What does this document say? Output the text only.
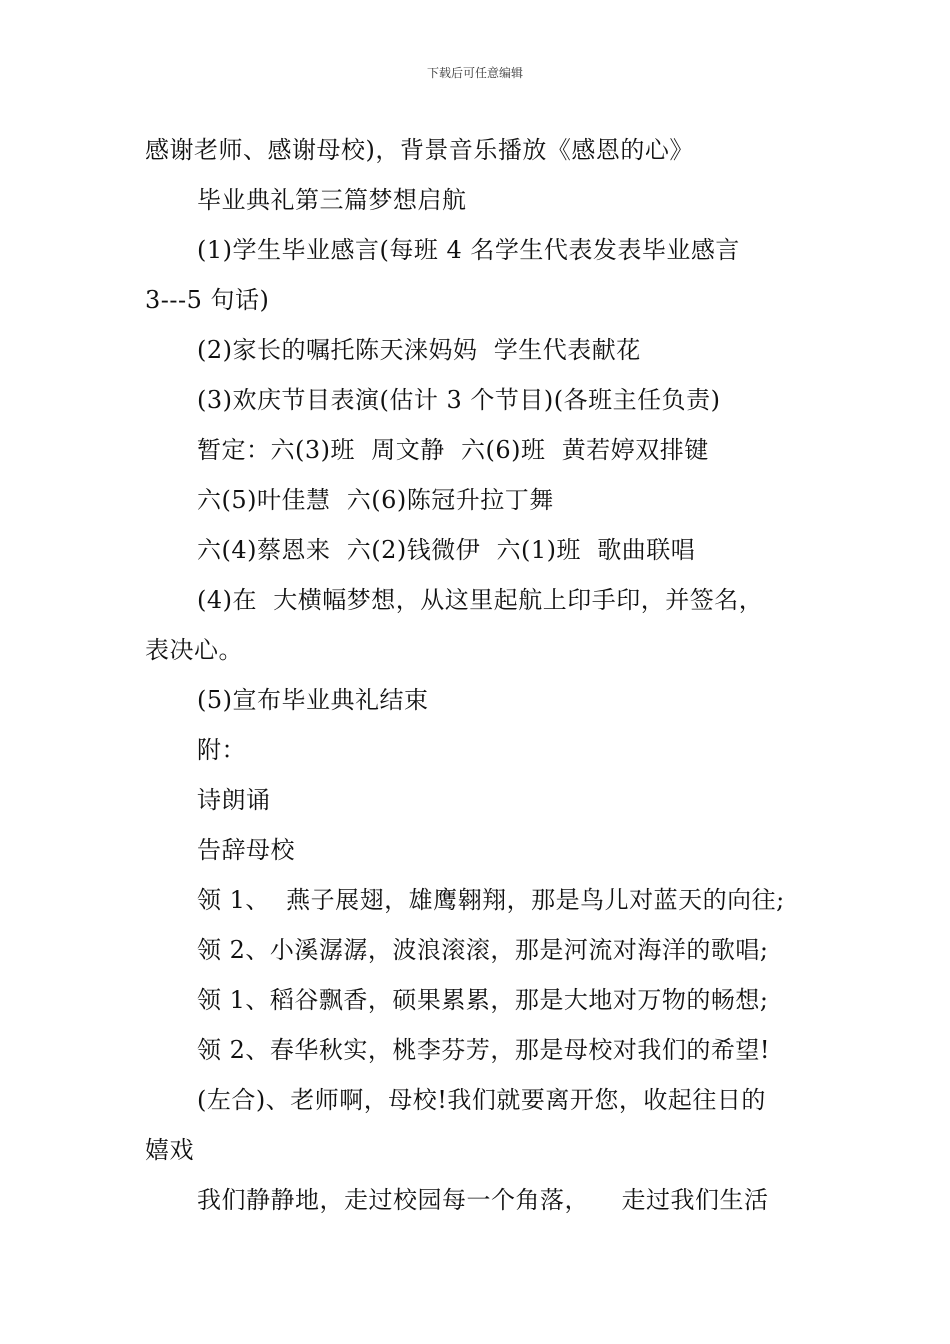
下载后可任意编辑
感谢老师、感谢母校)，背景音乐播放《感恩的心》
毕业典礼第三篇梦想启航
(1)学生毕业感言(每班 4 名学生代表发表毕业感言
3---5 句话)
(2)家长的嘱托陈天涞妈妈  学生代表献花
(3)欢庆节目表演(估计 3 个节目)(各班主任负责)
暂定：六(3)班  周文静  六(6)班  黄若婷双排键
六(5)叶佳慧  六(6)陈冠升拉丁舞
六(4)蔡恩来  六(2)钱微伊  六(1)班  歌曲联唱
(4)在  大横幅梦想，从这里起航上印手印，并签名，
表决心。
(5)宣布毕业典礼结束
附：
诗朗诵
告辞母校
领 1、  燕子展翅，雄鹰翱翔，那是鸟儿对蓝天的向往;
领 2、小溪潺潺，波浪滚滚，那是河流对海洋的歌唱;
领 1、稻谷飘香，硕果累累，那是大地对万物的畅想;
领 2、春华秋实，桃李芬芳，那是母校对我们的希望!
(左合)、老师啊，母校!我们就要离开您，收起往日的
嬉戏
我们静静地，走过校园每一个角落，    走过我们生活
